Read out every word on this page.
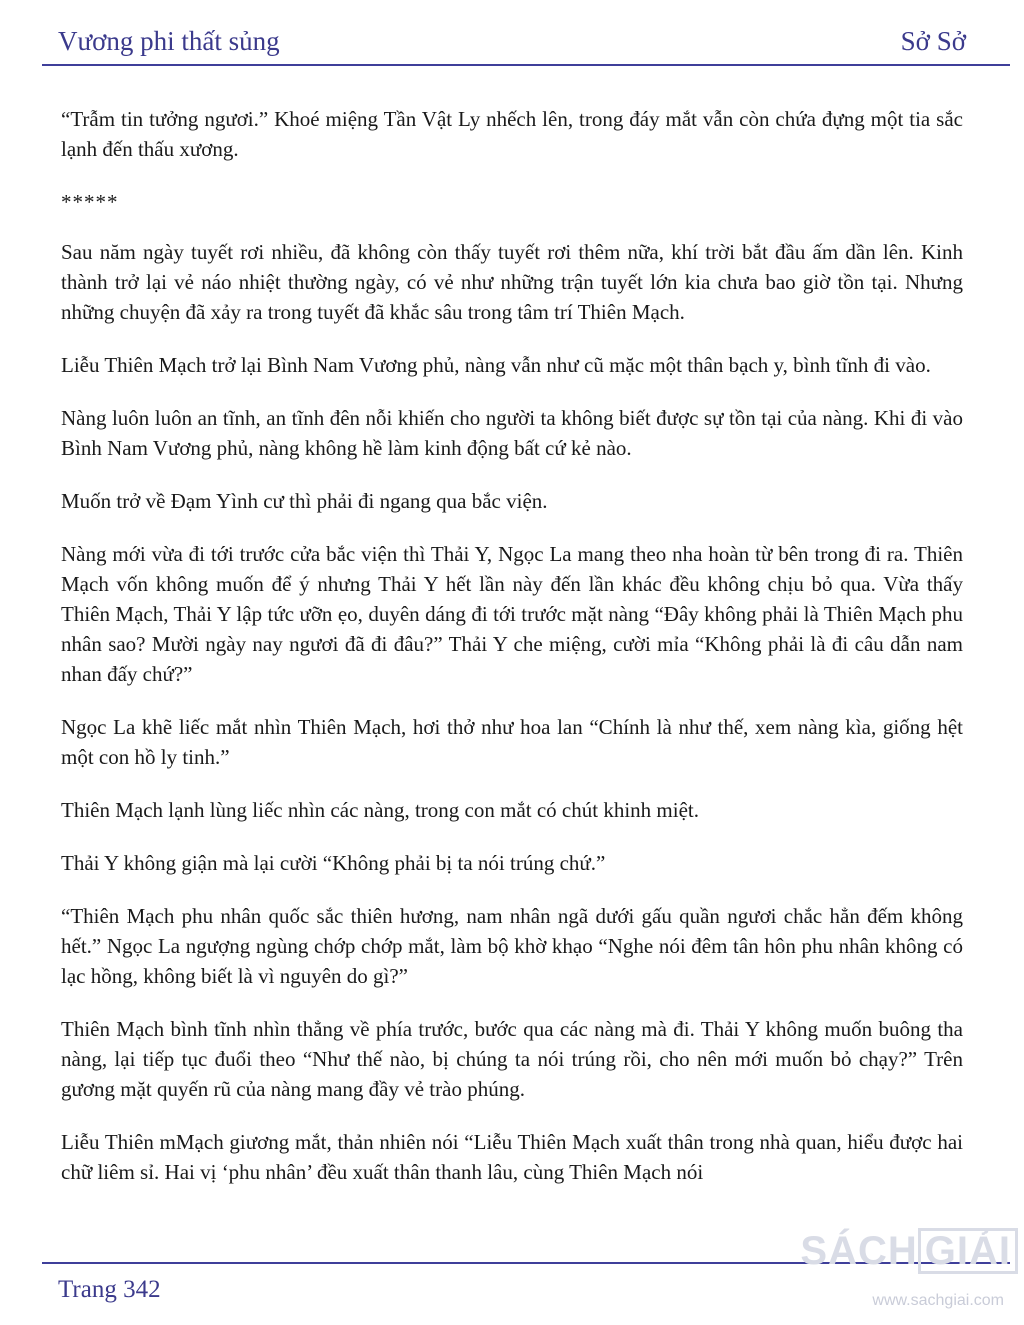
Vương phi thất sủng	Sở Sở

“Trẫm tin tưởng ngươi.” Khoé miệng Tần Vật Ly nhếch lên, trong đáy mắt vẫn còn chứa đựng một tia sắc lạnh đến thấu xương.

*****

Sau năm ngày tuyết rơi nhiều, đã không còn thấy tuyết rơi thêm nữa, khí trời bắt đầu ấm dần lên. Kinh thành trở lại vẻ náo nhiệt thường ngày, có vẻ như những trận tuyết lớn kia chưa bao giờ tồn tại. Nhưng những chuyện đã xảy ra trong tuyết đã khắc sâu trong tâm trí Thiên Mạch.

Liễu Thiên Mạch trở lại Bình Nam Vương phủ, nàng vẫn như cũ mặc một thân bạch y, bình tĩnh đi vào.

Nàng luôn luôn an tĩnh, an tĩnh đên nỗi khiến cho người ta không biết được sự tồn tại của nàng. Khi đi vào Bình Nam Vương phủ, nàng không hề làm kinh động bất cứ kẻ nào.

Muốn trở về Đạm Yình cư thì phải đi ngang qua bắc viện.

Nàng mới vừa đi tới trước cửa bắc viện thì Thải Y, Ngọc La mang theo nha hoàn từ bên trong đi ra. Thiên Mạch vốn không muốn để ý nhưng Thải Y hết lần này đến lần khác đều không chịu bỏ qua. Vừa thấy Thiên Mạch, Thải Y lập tức ưỡn ẹo, duyên dáng đi tới trước mặt nàng “Đây không phải là Thiên Mạch phu nhân sao? Mười ngày nay ngươi đã đi đâu?” Thải Y che miệng, cười mỉa “Không phải là đi câu dẫn nam nhan đấy chứ?”

Ngọc La khẽ liếc mắt nhìn Thiên Mạch, hơi thở như hoa lan “Chính là như thế, xem nàng kìa, giống hệt một con hồ ly tinh.”

Thiên Mạch lạnh lùng liếc nhìn các nàng, trong con mắt có chút khinh miệt.

Thải Y không giận mà lại cười “Không phải bị ta nói trúng chứ.”

“Thiên Mạch phu nhân quốc sắc thiên hương, nam nhân ngã dưới gấu quần ngươi chắc hẳn đếm không hết.” Ngọc La ngượng ngùng chớp chớp mắt, làm bộ khờ khạo “Nghe nói đêm tân hôn phu nhân không có lạc hồng, không biết là vì nguyên do gì?”

Thiên Mạch bình tĩnh nhìn thẳng về phía trước, bước qua các nàng mà đi. Thải Y không muốn buông tha nàng, lại tiếp tục đuổi theo “Như thế nào, bị chúng ta nói trúng rồi, cho nên mới muốn bỏ chạy?” Trên gương mặt quyến rũ của nàng mang đầy vẻ trào phúng.

Liễu Thiên mMạch giương mắt, thản nhiên nói “Liễu Thiên Mạch xuất thân trong nhà quan, hiểu được hai chữ liêm sỉ. Hai vị ‘phu nhân’ đều xuất thân thanh lâu, cùng Thiên Mạch nói

Trang 342
SÁCH GIẢI
www.sachgiai.com
